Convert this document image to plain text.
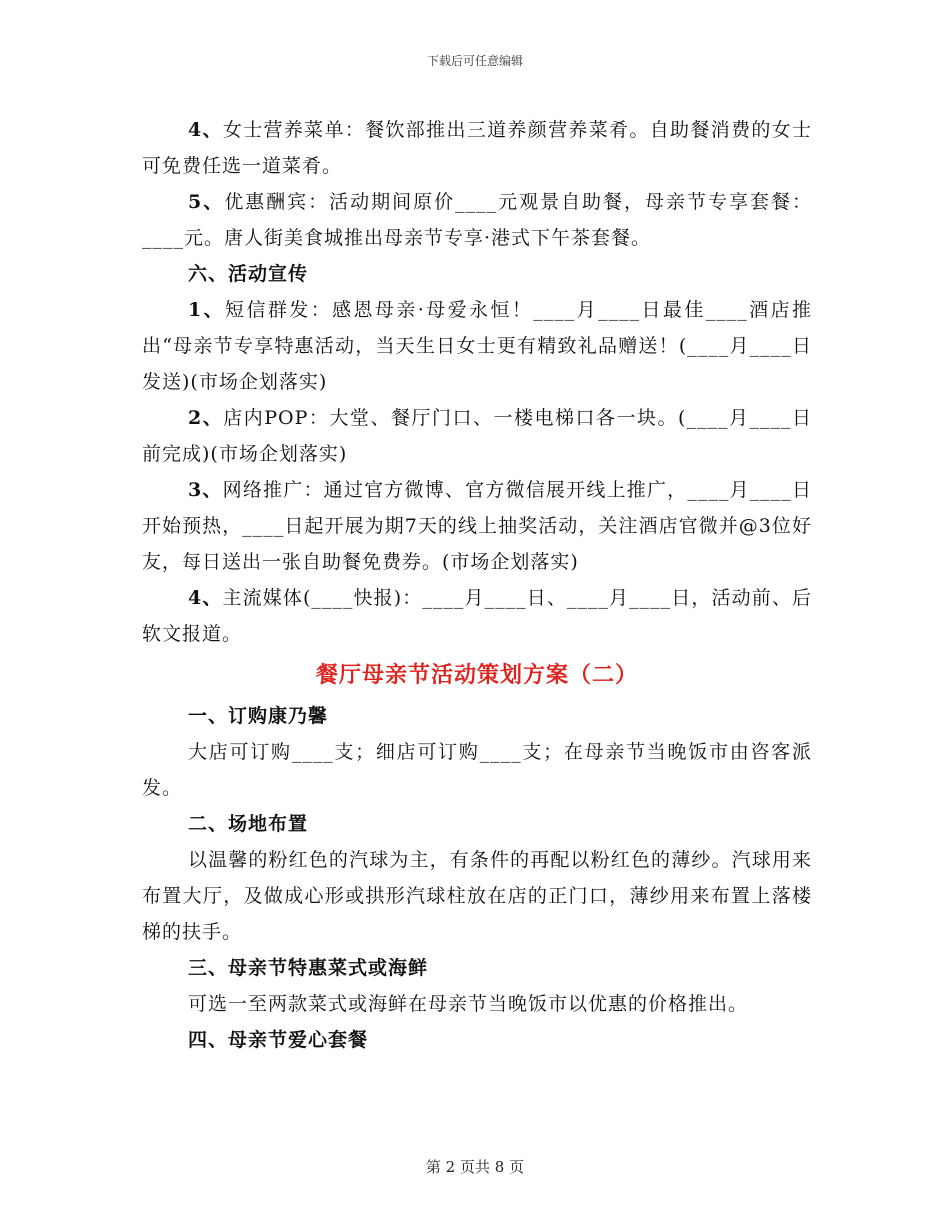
下载后可任意编辑

4、女士营养菜单：餐饮部推出三道养颜营养菜肴。自助餐消费的女士可免费任选一道菜肴。

5、优惠酬宾：活动期间原价____元观景自助餐，母亲节专享套餐：____元。唐人街美食城推出母亲节专享·港式下午茶套餐。

六、活动宣传

1、短信群发：感恩母亲·母爱永恒！____月____日最佳____酒店推出“母亲节专享特惠活动，当天生日女士更有精致礼品赠送！(____月____日发送)(市场企划落实)

2、店内POP：大堂、餐厅门口、一楼电梯口各一块。(____月____日前完成)(市场企划落实)

3、网络推广：通过官方微博、官方微信展开线上推广，____月____日开始预热，____日起开展为期7天的线上抽奖活动，关注酒店官微并@3位好友，每日送出一张自助餐免费券。(市场企划落实)

4、主流媒体(____快报)：____月____日、____月____日，活动前、后软文报道。

餐厅母亲节活动策划方案（二）

一、订购康乃馨

大店可订购____支；细店可订购____支；在母亲节当晚饭市由咨客派发。

二、场地布置

以温馨的粉红色的汽球为主，有条件的再配以粉红色的薄纱。汽球用来布置大厅，及做成心形或拱形汽球柱放在店的正门口，薄纱用来布置上落楼梯的扶手。

三、母亲节特惠菜式或海鲜

可选一至两款菜式或海鲜在母亲节当晚饭市以优惠的价格推出。

四、母亲节爱心套餐

第 2 页共 8 页
